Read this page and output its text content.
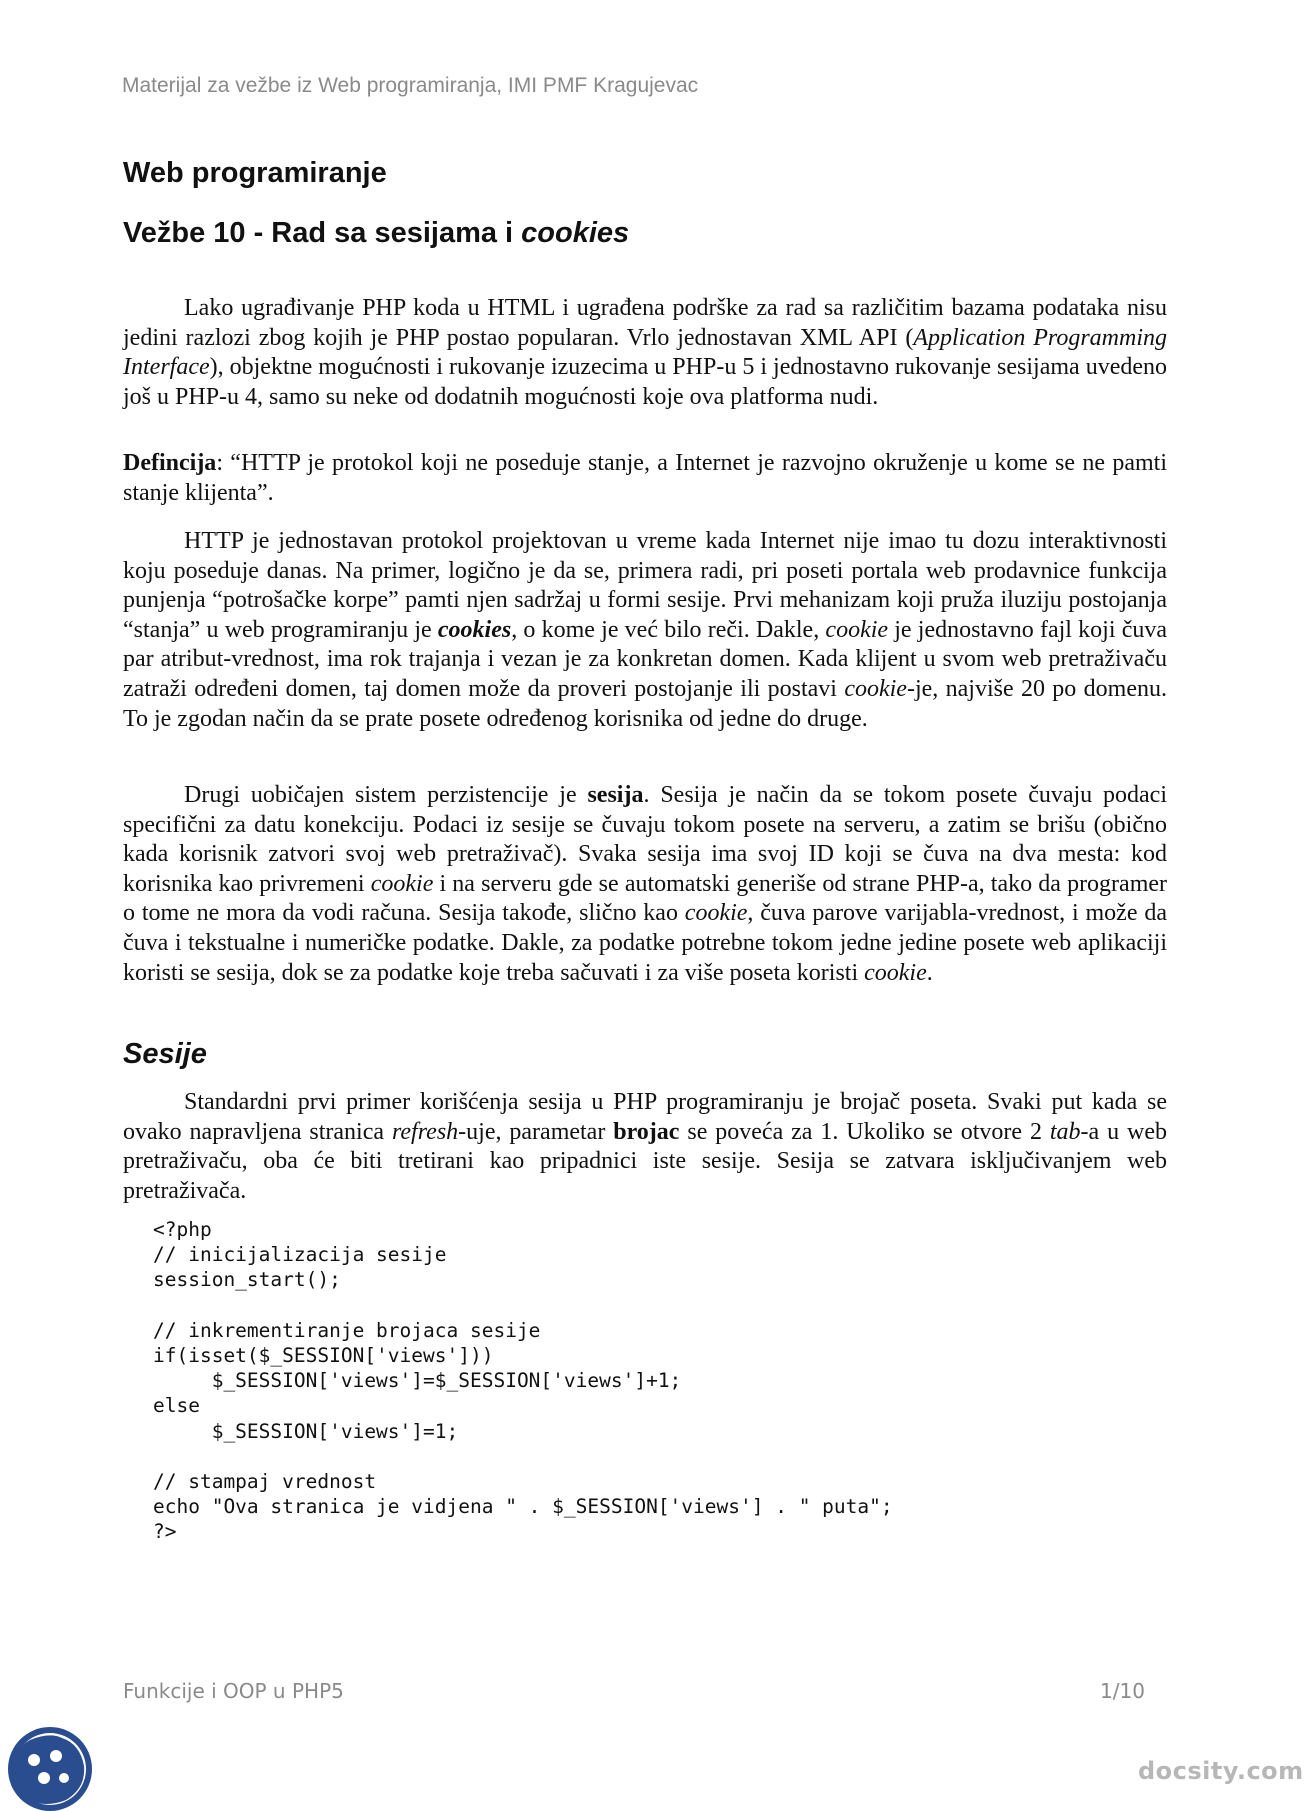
Materijal za vežbe iz Web programiranja, IMI PMF Kragujevac
Web programiranje
Vežbe 10 - Rad sa sesijama i cookies

Lako ugrađivanje PHP koda u HTML i ugrađena podrške za rad sa različitim bazama podataka nisu jedini razlozi zbog kojih je PHP postao popularan. Vrlo jednostavan XML API (Application Programming Interface), objektne mogućnosti i rukovanje izuzecima u PHP-u 5 i jednostavno rukovanje sesijama uvedeno još u PHP-u 4, samo su neke od dodatnih mogućnosti koje ova platforma nudi.

Defincija: “HTTP je protokol koji ne poseduje stanje, a Internet je razvojno okruženje u kome se ne pamti stanje klijenta”.

HTTP je jednostavan protokol projektovan u vreme kada Internet nije imao tu dozu interaktivnosti koju poseduje danas. Na primer, logično je da se, primera radi, pri poseti portala web prodavnice funkcija punjenja “potrošačke korpe” pamti njen sadržaj u formi sesije. Prvi mehanizam koji pruža iluziju postojanja “stanja” u web programiranju je cookies, o kome je već bilo reči. Dakle, cookie je jednostavno fajl koji čuva par atribut-vrednost, ima rok trajanja i vezan je za konkretan domen. Kada klijent u svom web pretraživaču zatraži određeni domen, taj domen može da proveri postojanje ili postavi cookie-je, najviše 20 po domenu. To je zgodan način da se prate posete određenog korisnika od jedne do druge.

Drugi uobičajen sistem perzistencije je sesija. Sesija je način da se tokom posete čuvaju podaci specifični za datu konekciju. Podaci iz sesije se čuvaju tokom posete na serveru, a zatim se brišu (obično kada korisnik zatvori svoj web pretraživač). Svaka sesija ima svoj ID koji se čuva na dva mesta: kod korisnika kao privremeni cookie i na serveru gde se automatski generiše od strane PHP-a, tako da programer o tome ne mora da vodi računa. Sesija takođe, slično kao cookie, čuva parove varijabla-vrednost, i može da čuva i tekstualne i numeričke podatke. Dakle, za podatke potrebne tokom jedne jedine posete web aplikaciji koristi se sesija, dok se za podatke koje treba sačuvati i za više poseta koristi cookie.

Sesije

Standardni prvi primer korišćenja sesija u PHP programiranju je brojač poseta. Svaki put kada se ovako napravljena stranica refresh-uje, parametar brojac se poveća za 1. Ukoliko se otvore 2 tab-a u web pretraživaču, oba će biti tretirani kao pripadnici iste sesije. Sesija se zatvara isključivanjem web pretraživača.

<?php
// inicijalizacija sesije
session_start();

// inkrementiranje brojaca sesije
if(isset($_SESSION['views']))
$_SESSION['views']=$_SESSION['views']+1;
else
$_SESSION['views']=1;

// stampaj vrednost
echo "Ova stranica je vidjena " . $_SESSION['views'] . " puta";
?>
Funkcije i OOP u PHP5	1/10
docsity.com
